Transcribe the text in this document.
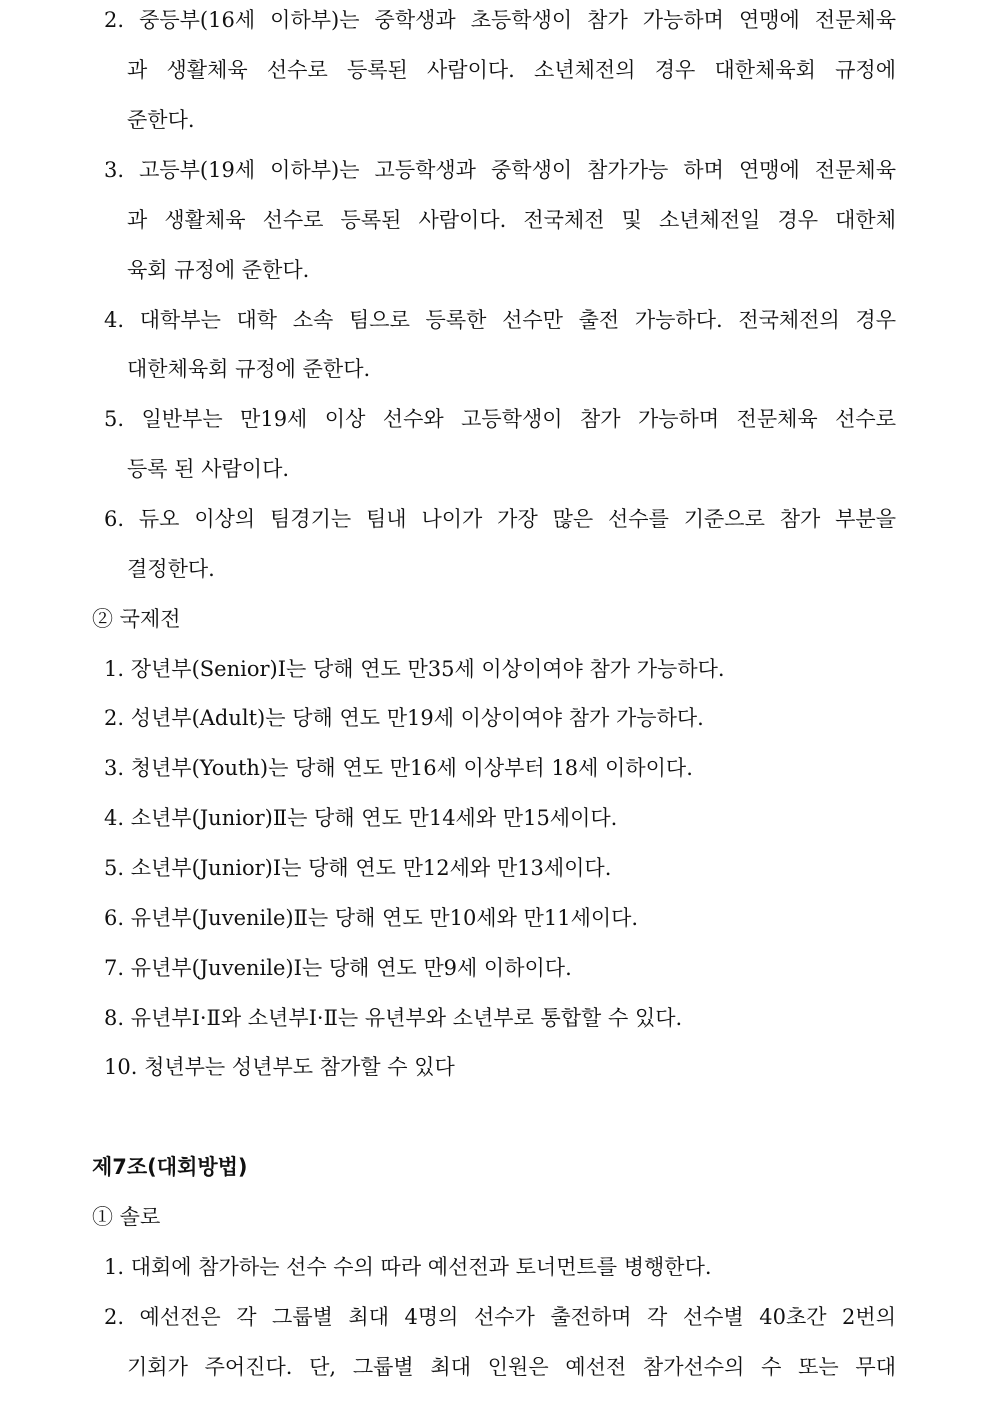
2. 중등부(16세 이하부)는 중학생과 초등학생이 참가 가능하며 연맹에 전문체육
과 생활체육 선수로 등록된 사람이다. 소년체전의 경우 대한체육회 규정에
준한다.
3. 고등부(19세 이하부)는 고등학생과 중학생이 참가가능 하며 연맹에 전문체육
과 생활체육 선수로 등록된 사람이다. 전국체전 및 소년체전일 경우 대한체
육회 규정에 준한다.
4. 대학부는 대학 소속 팀으로 등록한 선수만 출전 가능하다. 전국체전의 경우
대한체육회 규정에 준한다.
5. 일반부는 만19세 이상 선수와 고등학생이 참가 가능하며 전문체육 선수로
등록 된 사람이다.
6. 듀오 이상의 팀경기는 팀내 나이가 가장 많은 선수를 기준으로 참가 부분을
결정한다.
② 국제전
1. 장년부(Senior)Ⅰ는 당해 연도 만35세 이상이여야 참가 가능하다.
2. 성년부(Adult)는 당해 연도 만19세 이상이여야 참가 가능하다.
3. 청년부(Youth)는 당해 연도 만16세 이상부터 18세 이하이다.
4. 소년부(Junior)Ⅱ는 당해 연도 만14세와 만15세이다.
5. 소년부(Junior)Ⅰ는 당해 연도 만12세와 만13세이다.
6. 유년부(Juvenile)Ⅱ는 당해 연도 만10세와 만11세이다.
7. 유년부(Juvenile)Ⅰ는 당해 연도 만9세 이하이다.
8. 유년부Ⅰ·Ⅱ와 소년부Ⅰ·Ⅱ는 유년부와 소년부로 통합할 수 있다.
10. 청년부는 성년부도 참가할 수 있다
제7조(대회방법)
① 솔로
1. 대회에 참가하는 선수 수의 따라 예선전과 토너먼트를 병행한다.
2. 예선전은 각 그룹별 최대 4명의 선수가 출전하며 각 선수별 40초간 2번의
기회가 주어진다. 단, 그룹별 최대 인원은 예선전 참가선수의 수 또는 무대
